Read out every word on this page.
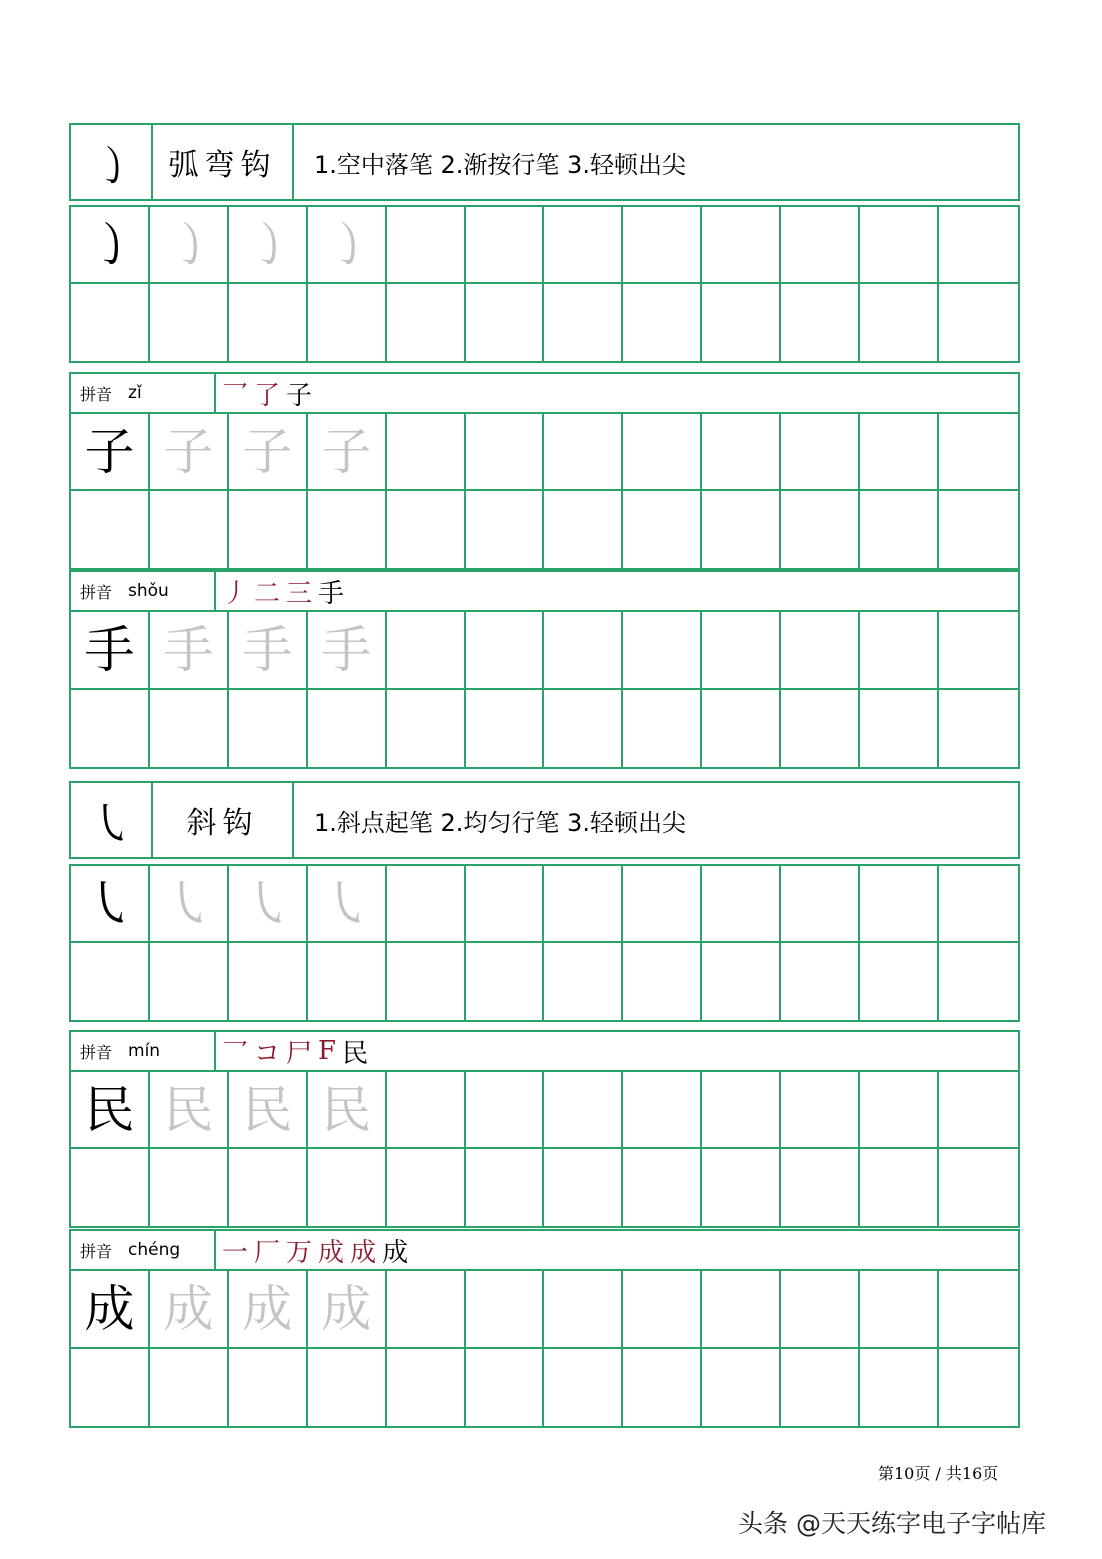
㇁	弧弯钩	1.空中落笔 2.渐按行笔 3.轻顿出尖
㇁ ㇁ ㇁ ㇁
拼音 zǐ	乛 了 子
子 子 子 子
拼音 shǒu 丿 二 三 手
手 手 手 手
㇂	斜钩	1.斜点起笔 2.均匀行笔 3.轻顿出尖
㇂ ㇂ ㇂ ㇂
拼音 mín 乛 コ 尸 F 民
民 民 民 民
拼音 chéng 一 厂 万 成 成 成
成 成 成 成
第10页 / 共16页
头条 @天天练字电子字帖库
